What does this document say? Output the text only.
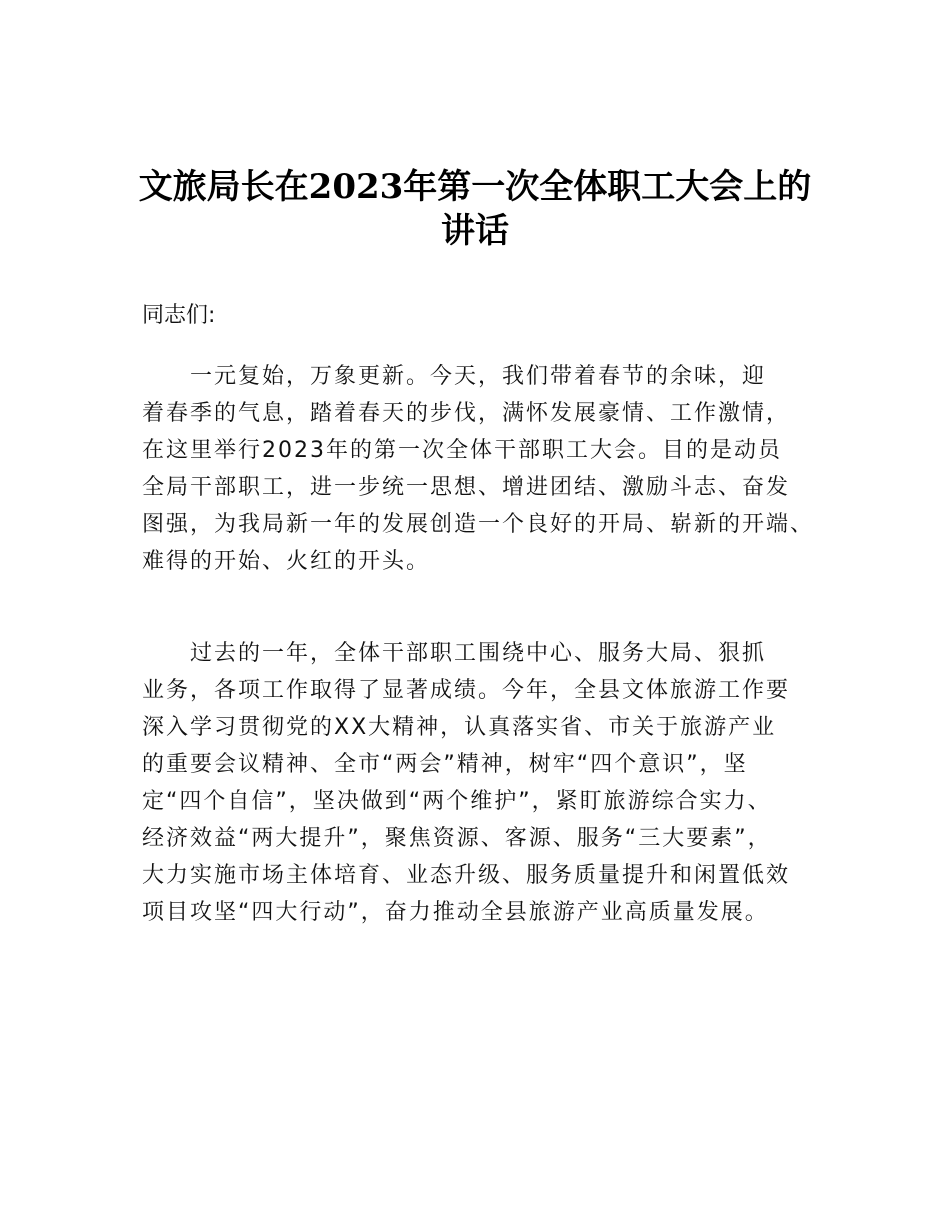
文旅局长在2023年第一次全体职工大会上的
讲话
同志们:
一元复始，万象更新。今天，我们带着春节的余味，迎
着春季的气息，踏着春天的步伐，满怀发展豪情、工作激情，
在这里举行2023年的第一次全体干部职工大会。目的是动员
全局干部职工，进一步统一思想、增进团结、激励斗志、奋发
图强，为我局新一年的发展创造一个良好的开局、崭新的开端、
难得的开始、火红的开头。
过去的一年，全体干部职工围绕中心、服务大局、狠抓
业务，各项工作取得了显著成绩。今年，全县文体旅游工作要
深入学习贯彻党的XX大精神，认真落实省、市关于旅游产业
的重要会议精神、全市“两会”精神，树牢“四个意识”，坚
定“四个自信”，坚决做到“两个维护”，紧盯旅游综合实力、
经济效益“两大提升”，聚焦资源、客源、服务“三大要素”，
大力实施市场主体培育、业态升级、服务质量提升和闲置低效
项目攻坚“四大行动”，奋力推动全县旅游产业高质量发展。
